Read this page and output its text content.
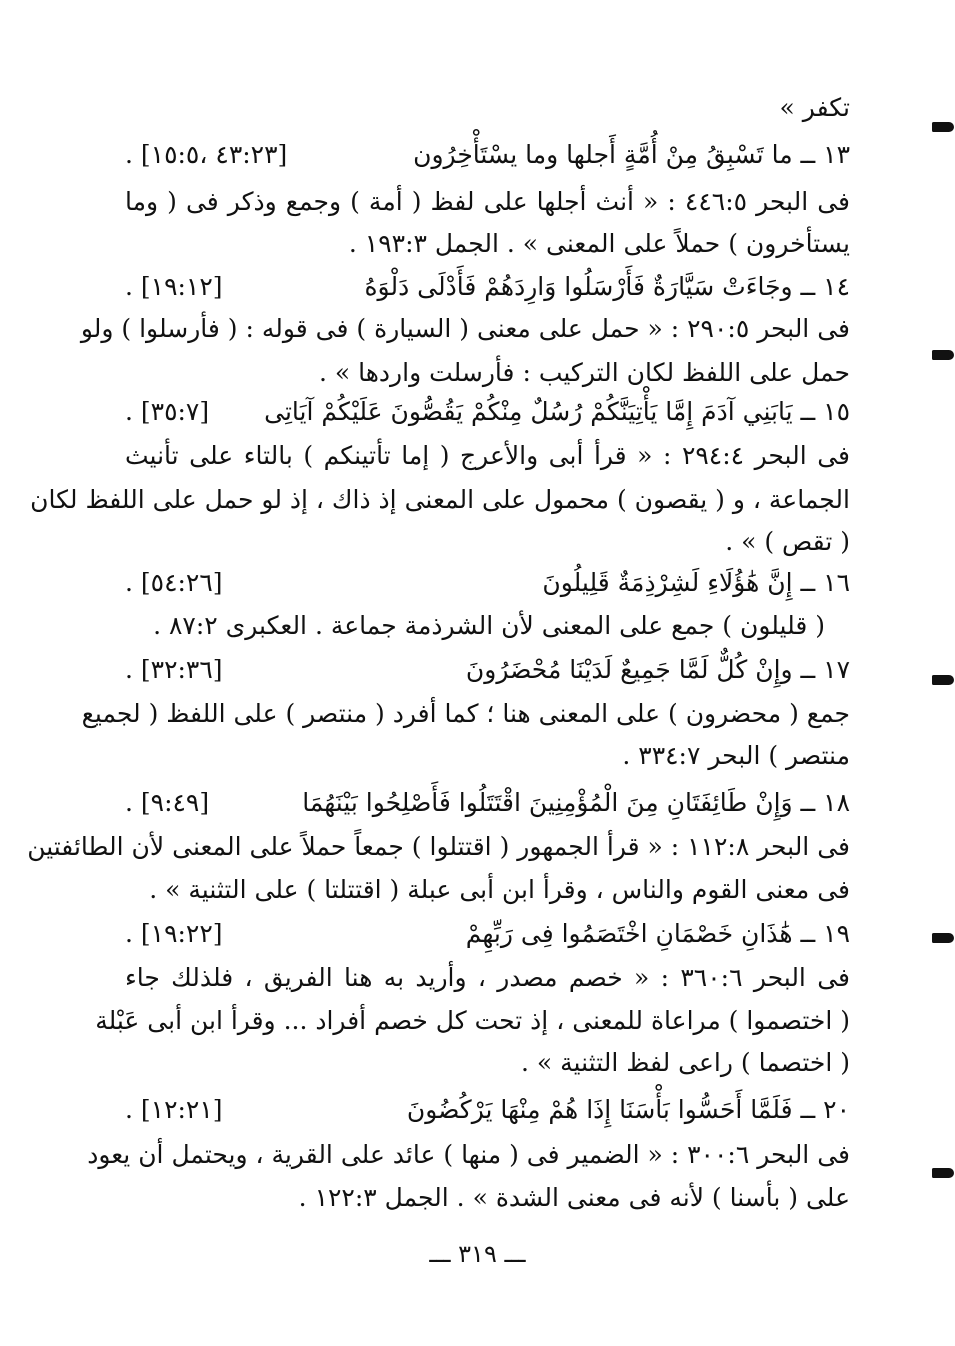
تكفر »
١٣ ــ ما تَسْبِقُ مِنْ أُمَّةٍ أَجلها وما يسْتَأْخِرُون
. [٤٣:٢٣ ،١٥:٥]
فى البحر ٤٤٦:٥ : « أنث أجلها على لفظ ( أمة ) وجمع وذكر فى ( وما
يستأخرون ) حملاً على المعنى » . الجمل ١٩٣:٣ .
١٤ ــ وجَاءَتْ سَيَّارَةٌ فَأَرْسَلُوا وَارِدَهُمْ فَأَدْلَى دَلْوَهُ
. [١٩:١٢]
فى البحر ٢٩٠:٥ : « حمل على معنى ( السيارة ) فى قوله : ( فأرسلوا ) ولو
حمل على اللفظ لكان التركيب : فأرسلت واردها » .
١٥ ــ يَابَنِي آدَمَ إِمَّا يَأْتِيَنَّكُمْ رُسُلٌ مِنْكُمْ يَقُصُّونَ عَلَيْكُمْ آيَاتِى
. [٣٥:٧]
فى البحر ٢٩٤:٤ : « قرأ أبى والأعرج ( إما تأتينكم ) بالتاء على تأنيث
الجماعة ، و ( يقصون ) محمول على المعنى إذ ذاك ، إذ لو حمل على اللفظ لكان
( تقص ) » .
١٦ ــ إِنَّ هَٰؤُلَاءِ لَشِرْذِمَةٌ قَلِيلُونَ
. [٥٤:٢٦]
( قليلون ) جمع على المعنى لأن الشرذمة جماعة . العكبرى ٨٧:٢ .
١٧ ــ وإِنْ كُلٌّ لَمَّا جَمِيعٌ لَدَيْنَا مُحْضَرُونَ
. [٣٢:٣٦]
جمع ( محضرون ) على المعنى هنا ؛ كما أفرد ( منتصر ) على اللفظ ( لجميع
منتصر ) البحر ٣٣٤:٧ .
١٨ ــ وَإِنْ طَائِفَتَانِ مِنَ الْمُؤْمِنِينَ اقْتَتَلُوا فَأَصْلِحُوا بَيْنَهُمَا
. [٩:٤٩]
فى البحر ١١٢:٨ : « قرأ الجمهور ( اقتتلوا ) جمعاً حملاً على المعنى لأن الطائفتين
فى معنى القوم والناس ، وقرأ ابن أبى عبلة ( اقتتلتا ) على التثنية » .
١٩ ــ هَٰذَانِ خَصْمَانِ اخْتَصَمُوا فِى رَبِّهِمْ
. [١٩:٢٢]
فى البحر ٣٦٠:٦ : « خصم مصدر ، وأريد به هنا الفريق ، فلذلك جاء
( اختصموا ) مراعاة للمعنى ، إذ تحت كل خصم أفراد ... وقرأ ابن أبى عَبْلة
( اختصما ) راعى لفظ التثنية » .
٢٠ ــ فَلَمَّا أَحَسُّوا بَأْسَنَا إِذَا هُمْ مِنْهَا يَرْكُضُونَ
. [١٢:٢١]
فى البحر ٣٠٠:٦ : « الضمير فى ( منها ) عائد على القرية ، ويحتمل أن يعود
على ( بأسنا ) لأنه فى معنى الشدة » . الجمل ١٢٢:٣ .
ـــ ٣١٩ ـــ
